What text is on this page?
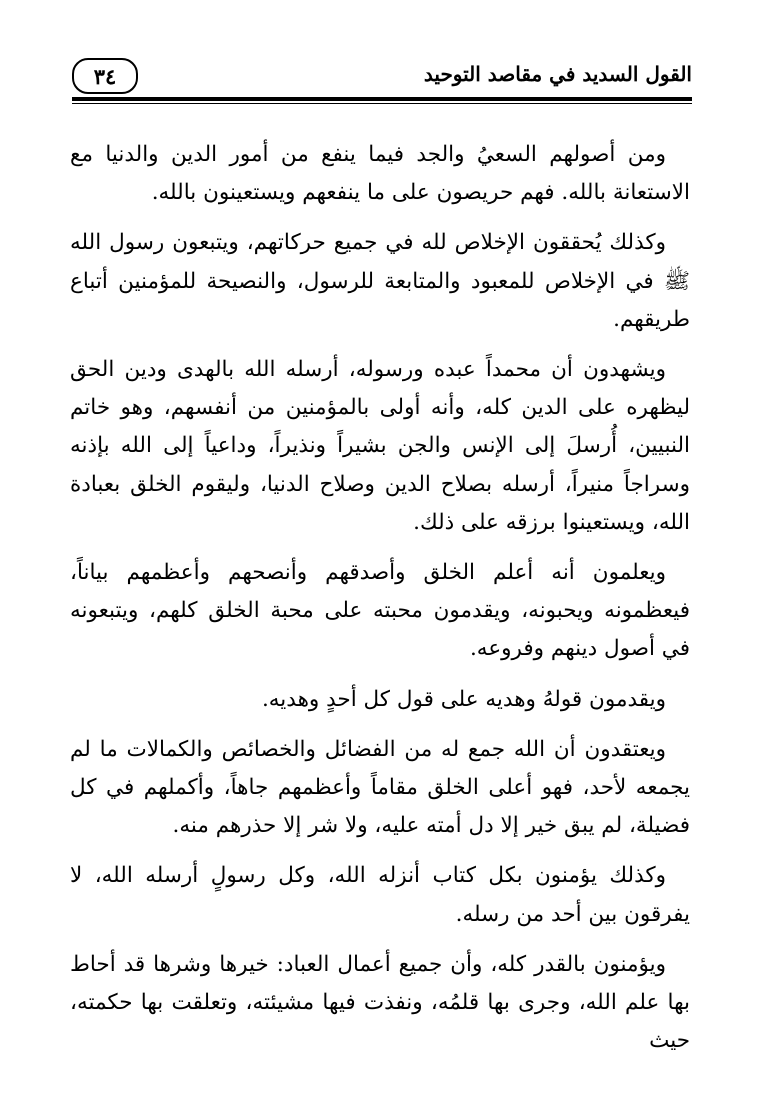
القول السديد في مقاصد التوحيد
٣٤

ومن أصولهم السعيُ والجد فيما ينفع من أمور الدين والدنيا مع الاستعانة بالله. فهم حريصون على ما ينفعهم ويستعينون بالله.

وكذلك يُحققون الإخلاص لله في جميع حركاتهم، ويتبعون رسول الله ﷺ في الإخلاص للمعبود والمتابعة للرسول، والنصيحة للمؤمنين أتباع طريقهم.

ويشهدون أن محمداً عبده ورسوله، أرسله الله بالهدى ودين الحق ليظهره على الدين كله، وأنه أولى بالمؤمنين من أنفسهم، وهو خاتم النبيين، أُرسلَ إلى الإنس والجن بشيراً ونذيراً، وداعياً إلى الله بإذنه وسراجاً منيراً، أرسله بصلاح الدين وصلاح الدنيا، وليقوم الخلق بعبادة الله، ويستعينوا برزقه على ذلك.

ويعلمون أنه أعلم الخلق وأصدقهم وأنصحهم وأعظمهم بياناً، فيعظمونه ويحبونه، ويقدمون محبته على محبة الخلق كلهم، ويتبعونه في أصول دينهم وفروعه.

ويقدمون قولهُ وهديه على قول كل أحدٍ وهديه.

ويعتقدون أن الله جمع له من الفضائل والخصائص والكمالات ما لم يجمعه لأحد، فهو أعلى الخلق مقاماً وأعظمهم جاهاً، وأكملهم في كل فضيلة، لم يبق خير إلا دل أمته عليه، ولا شر إلا حذرهم منه.

وكذلك يؤمنون بكل كتاب أنزله الله، وكل رسولٍ أرسله الله، لا يفرقون بين أحد من رسله.

ويؤمنون بالقدر كله، وأن جميع أعمال العباد: خيرها وشرها قد أحاط بها علم الله، وجرى بها قلمُه، ونفذت فيها مشيئته، وتعلقت بها حكمته، حيث
